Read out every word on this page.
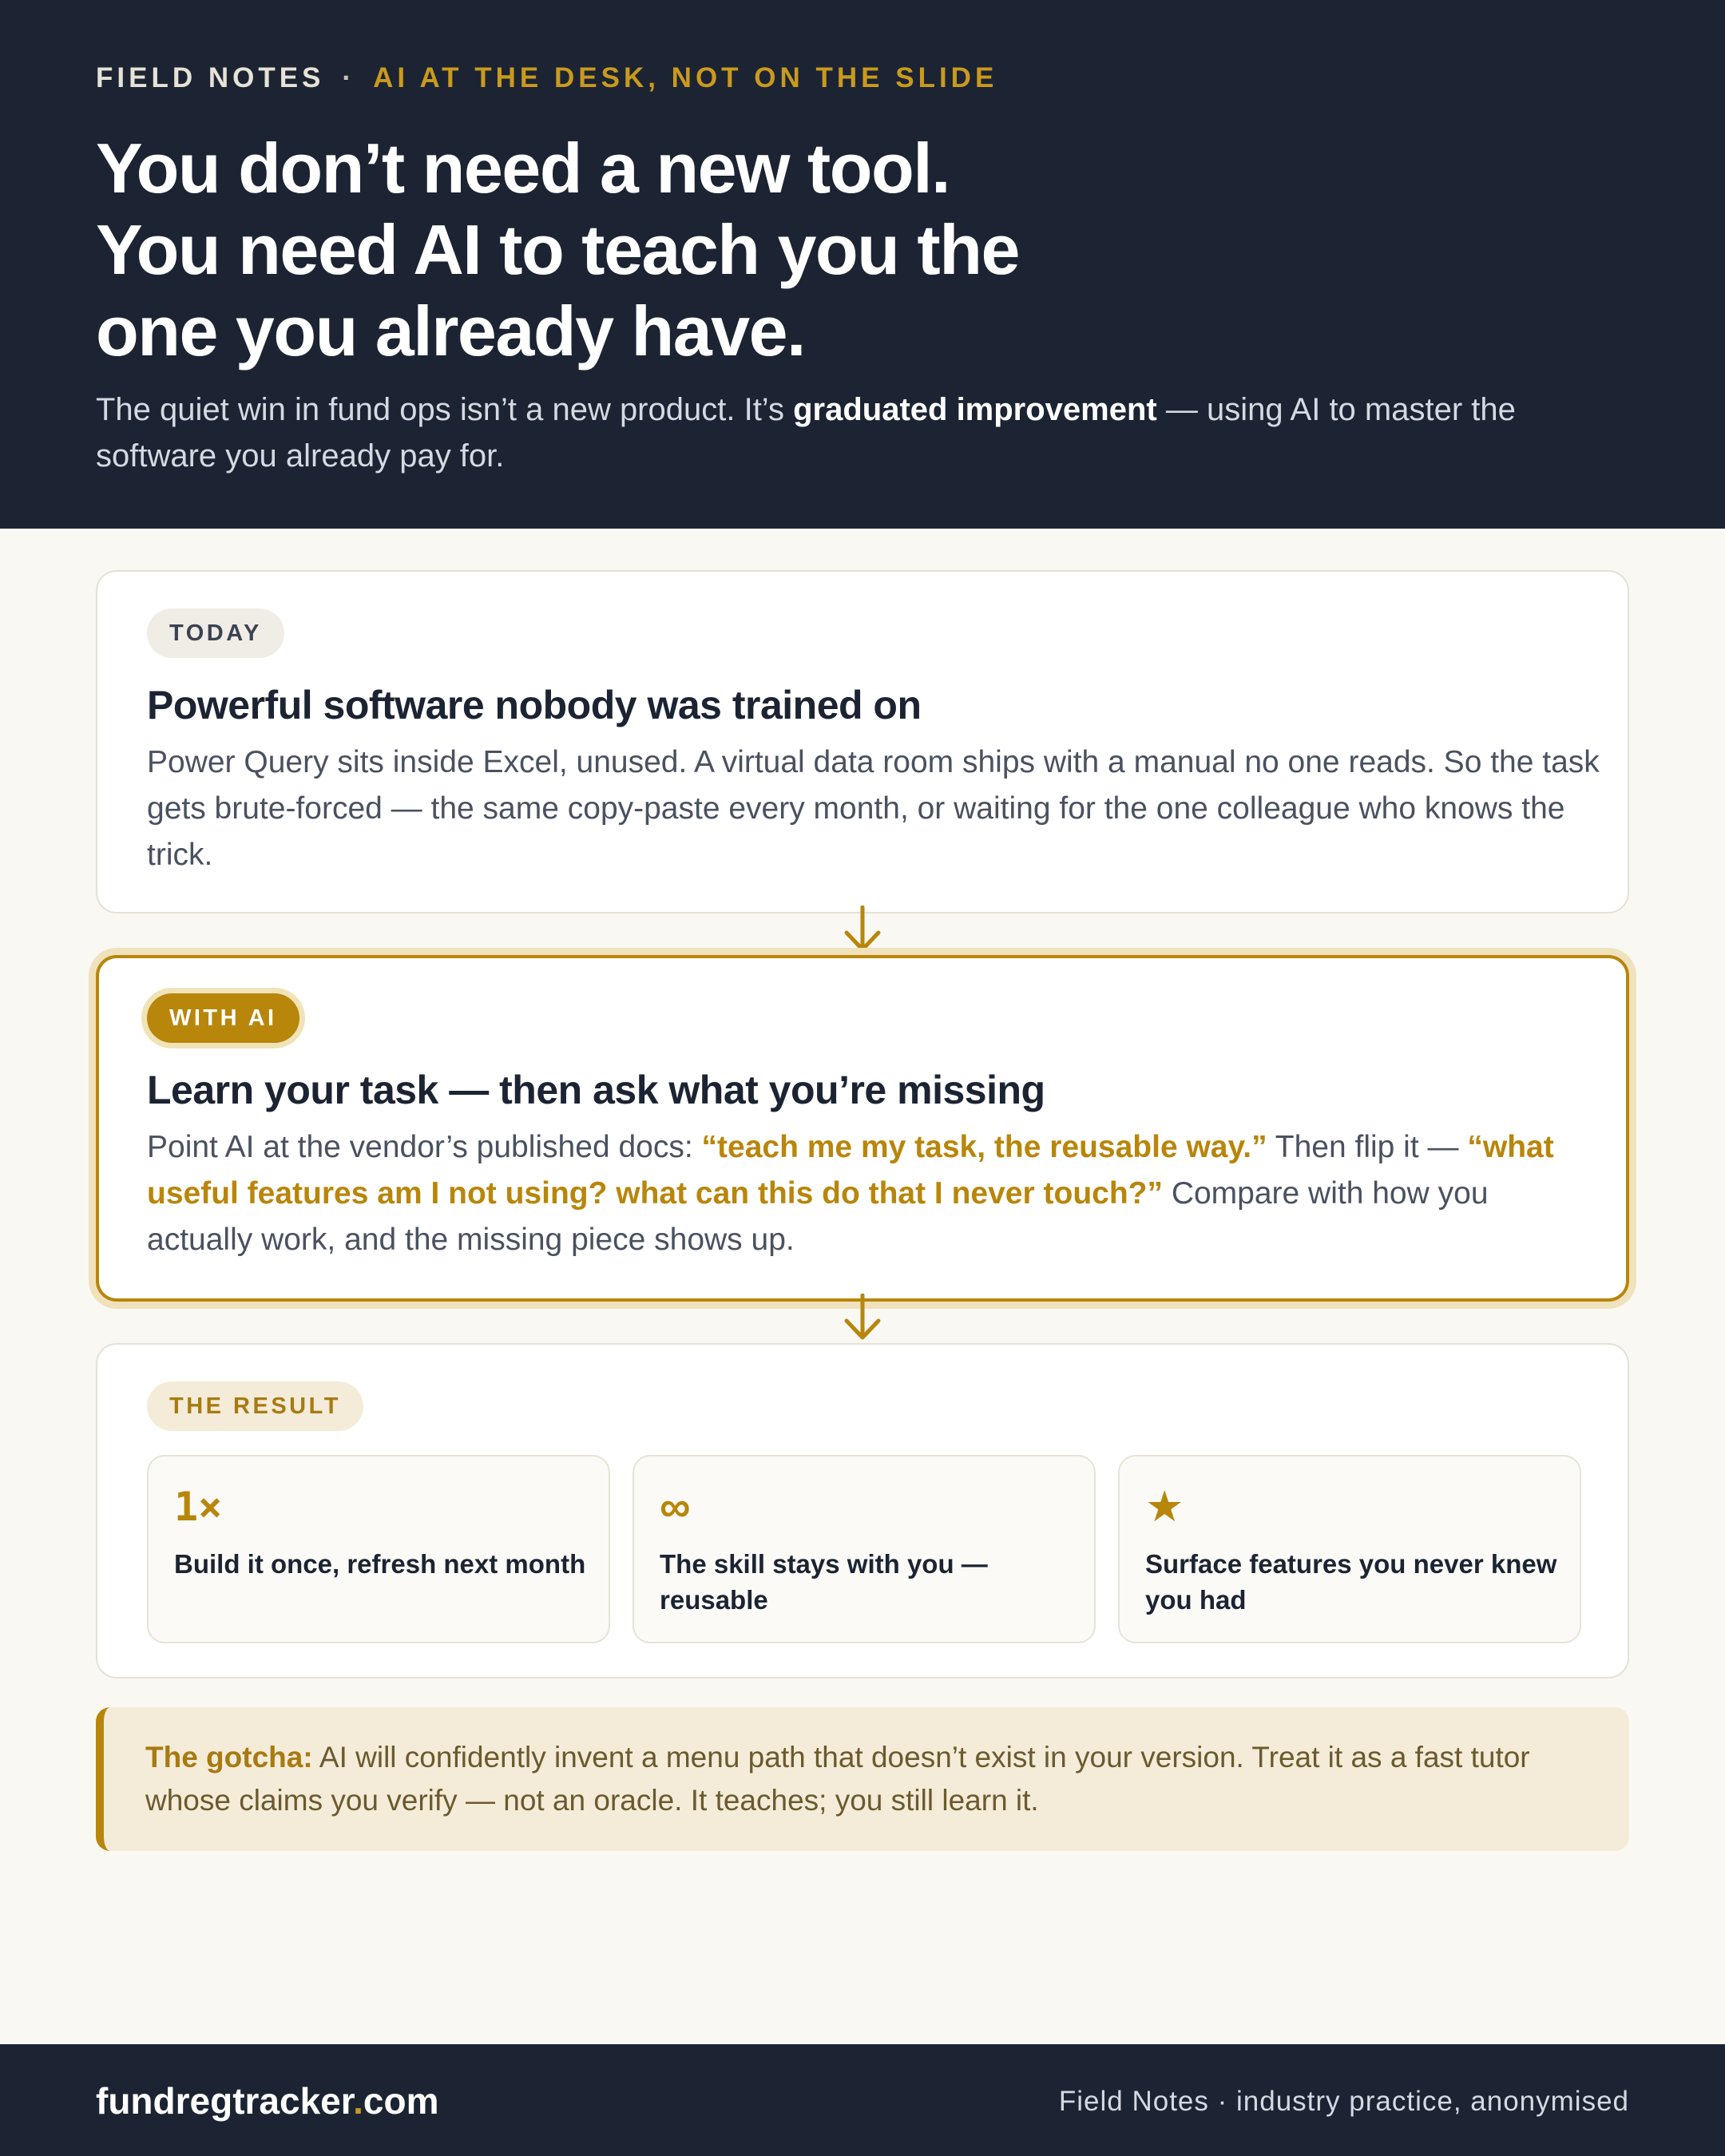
FIELD NOTES · AI AT THE DESK, NOT ON THE SLIDE
You don’t need a new tool.
You need AI to teach you the
one you already have.

The quiet win in fund ops isn’t a new product. It’s graduated improvement — using AI to master the software you already pay for.

TODAY
Powerful software nobody was trained on

Power Query sits inside Excel, unused. A virtual data room ships with a manual no one reads. So the task gets brute-forced — the same copy-paste every month, or waiting for the one colleague who knows the trick.

WITH AI
Learn your task — then ask what you’re missing

Point AI at the vendor’s published docs: “teach me my task, the reusable way.” Then flip it — “what useful features am I not using? what can this do that I never touch?” Compare with how you actually work, and the missing piece shows up.

THE RESULT
1×
Build it once, refresh next month
∞
The skill stays with you — reusable
★
Surface features you never knew you had

The gotcha: AI will confidently invent a menu path that doesn’t exist in your version. Treat it as a fast tutor whose claims you verify — not an oracle. It teaches; you still learn it.

fundregtracker.com	Field Notes · industry practice, anonymised
